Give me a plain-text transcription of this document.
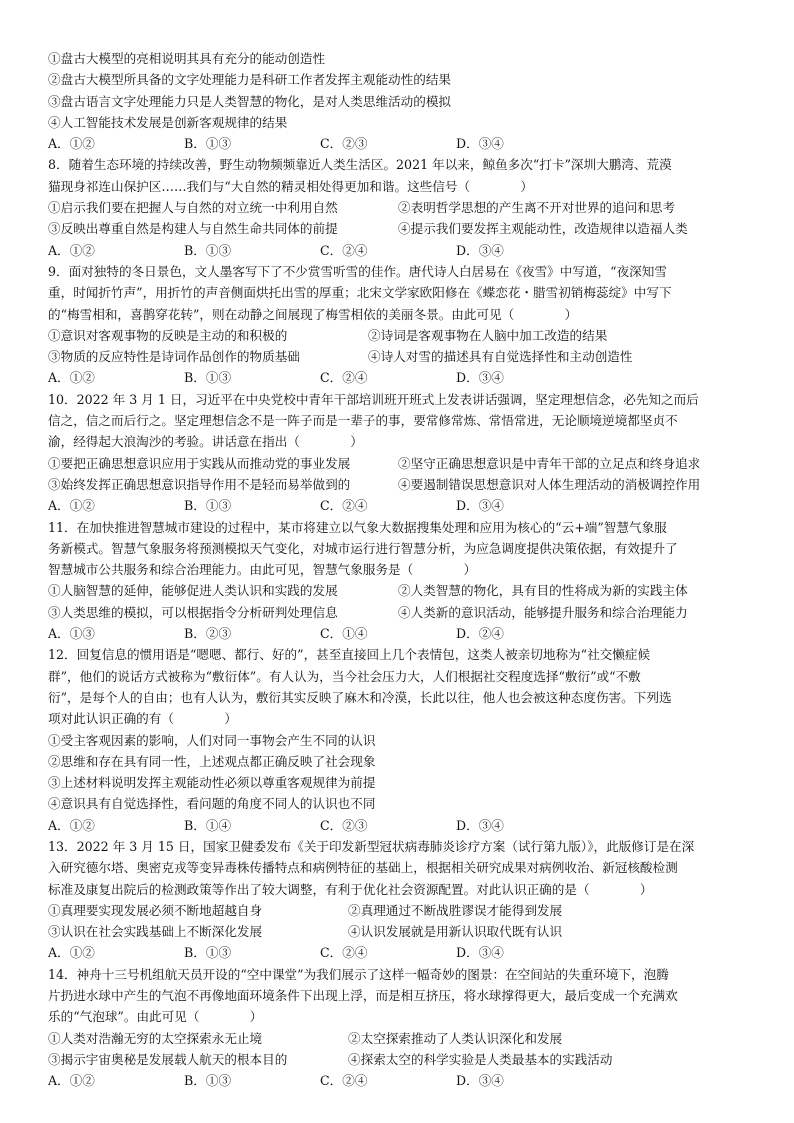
①盘古大模型的亮相说明其具有充分的能动创造性
②盘古大模型所具备的文字处理能力是科研工作者发挥主观能动性的结果
③盘古语言文字处理能力只是人类智慧的物化，是对人类思维活动的模拟
④人工智能技术发展是创新客观规律的结果
A．①②	B．①③	C．②③	D．③④
8．随着生态环境的持续改善，野生动物频频靠近人类生活区。2021 年以来，鲸鱼多次“打卡”深圳大鹏湾、荒漠
猫现身祁连山保护区……我们与“大自然的精灵相处得更加和谐。这些信号（　　　　）
①启示我们要在把握人与自然的对立统一中利用自然	②表明哲学思想的产生离不开对世界的追问和思考
③反映出尊重自然是构建人与自然生命共同体的前提	④提示我们要发挥主观能动性，改造规律以造福人类
A．①②	B．①③	C．②④	D．③④
9．面对独特的冬日景色，文人墨客写下了不少赏雪听雪的佳作。唐代诗人白居易在《夜雪》中写道，“夜深知雪
重，时闻折竹声”，用折竹的声音侧面烘托出雪的厚重；北宋文学家欧阳修在《蝶恋花・腊雪初销梅蕊绽》中写下
的“梅雪相和，喜鹊穿花转”，则在动静之间展现了梅雪相依的美丽冬景。由此可见（　　　　）
①意识对客观事物的反映是主动的和积极的	②诗词是客观事物在人脑中加工改造的结果
③物质的反应特性是诗词作品创作的物质基础	④诗人对雪的描述具有自觉选择性和主动创造性
A．①②	B．①③	C．②④	D．③④
10．2022 年 3 月 1 日，习近平在中央党校中青年干部培训班开班式上发表讲话强调，坚定理想信念，必先知之而后
信之，信之而后行之。坚定理想信念不是一阵子而是一辈子的事，要常修常炼、常悟常进，无论顺境逆境都坚贞不
渝，经得起大浪淘沙的考验。讲话意在指出（　　　　）
①要把正确思想意识应用于实践从而推动党的事业发展	②坚守正确思想意识是中青年干部的立足点和终身追求
③始终发挥正确思想意识指导作用不是轻而易举做到的	④要遏制错误思想意识对人体生理活动的消极调控作用
A．①②	B．①③	C．②④	D．③④
11．在加快推进智慧城市建设的过程中，某市将建立以气象大数据搜集处理和应用为核心的“云+端”智慧气象服
务新模式。智慧气象服务将预测模拟天气变化，对城市运行进行智慧分析，为应急调度提供决策依据，有效提升了
智慧城市公共服务和综合治理能力。由此可见，智慧气象服务是（　　　　）
①人脑智慧的延伸，能够促进人类认识和实践的发展	②人类智慧的物化，具有目的性将成为新的实践主体
③人类思维的模拟，可以根据指令分析研判处理信息	④人类新的意识活动，能够提升服务和综合治理能力
A．①③	B．②③	C．①④	D．②④
12．回复信息的惯用语是“嗯嗯、都行、好的”，甚至直接回上几个表情包，这类人被亲切地称为“社交懒症候
群”，他们的说话方式被称为“敷衍体”。有人认为，当今社会压力大，人们根据社交程度选择“敷衍”或“不敷
衍”，是每个人的自由；也有人认为，敷衍其实反映了麻木和冷漠，长此以往，他人也会被这种态度伤害。下列选
项对此认识正确的有（　　　　）
①受主客观因素的影响，人们对同一事物会产生不同的认识
②思维和存在具有同一性，上述观点都正确反映了社会现象
③上述材料说明发挥主观能动性必须以尊重客观规律为前提
④意识具有自觉选择性，看问题的角度不同人的认识也不同
A．①②	B．①④	C．②③	D．③④
13．2022 年 3 月 15 日，国家卫健委发布《关于印发新型冠状病毒肺炎诊疗方案（试行第九版）》，此版修订是在深
入研究德尔塔、奥密克戎等变异毒株传播特点和病例特征的基础上，根据相关研究成果对病例收治、新冠核酸检测
标准及康复出院后的检测政策等作出了较大调整，有利于优化社会资源配置。对此认识正确的是（　　　　）
①真理要实现发展必须不断地超越自身	②真理通过不断战胜谬误才能得到发展
③认识在社会实践基础上不断深化发展	④认识发展就是用新认识取代既有认识
A．①②	B．①③	C．②④	D．③④
14．神舟十三号机组航天员开设的“空中课堂”为我们展示了这样一幅奇妙的图景：在空间站的失重环境下，泡腾
片扔进水球中产生的气泡不再像地面环境条件下出现上浮，而是相互挤压，将水球撑得更大，最后变成一个充满欢
乐的“气泡球”。由此可见（　　　　）
①人类对浩瀚无穷的太空探索永无止境	②太空探索推动了人类认识深化和发展
③揭示宇宙奥秘是发展载人航天的根本目的	④探索太空的科学实验是人类最基本的实践活动
A．①②	B．①③	C．②④	D．③④
